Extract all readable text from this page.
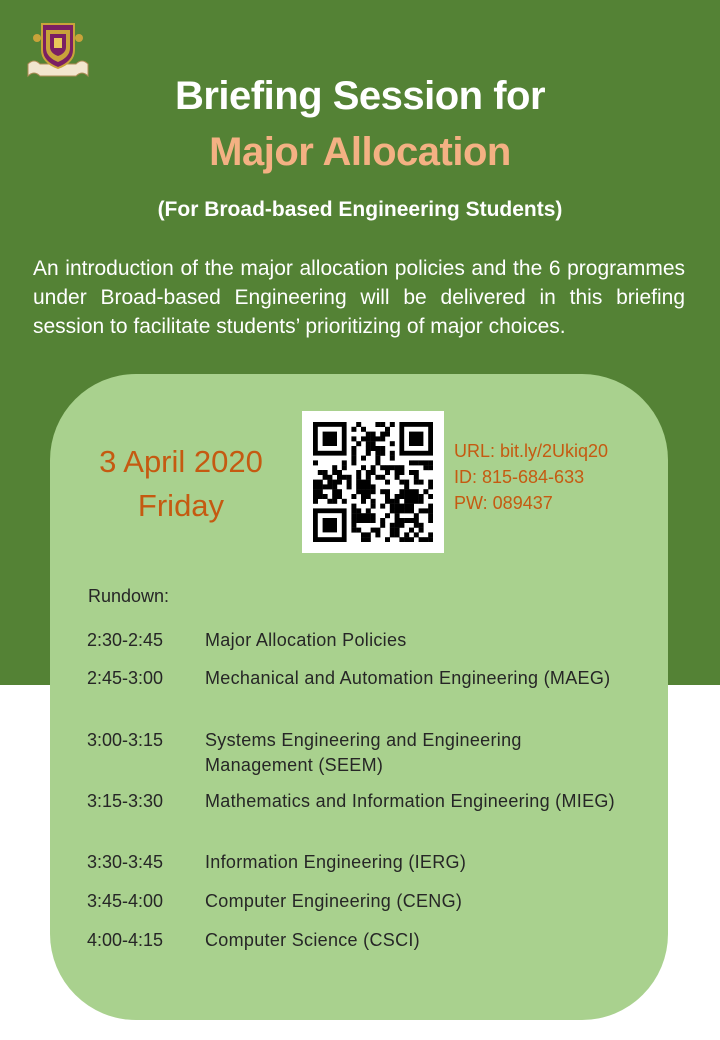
Briefing Session for
Major Allocation
(For Broad-based Engineering Students)
An introduction of the major allocation policies and the 6 programmes under Broad-based Engineering will be delivered in this briefing session to facilitate students’ prioritizing of major choices.
3 April 2020
Friday
URL: bit.ly/2Ukiq20
ID: 815-684-633
PW: 089437
Rundown:
2:30-2:45	Major Allocation Policies
2:45-3:00	Mechanical and Automation Engineering (MAEG)
3:00-3:15	Systems Engineering and Engineering Management (SEEM)
3:15-3:30	Mathematics and Information Engineering (MIEG)
3:30-3:45	Information Engineering (IERG)
3:45-4:00	Computer Engineering (CENG)
4:00-4:15	Computer Science (CSCI)
